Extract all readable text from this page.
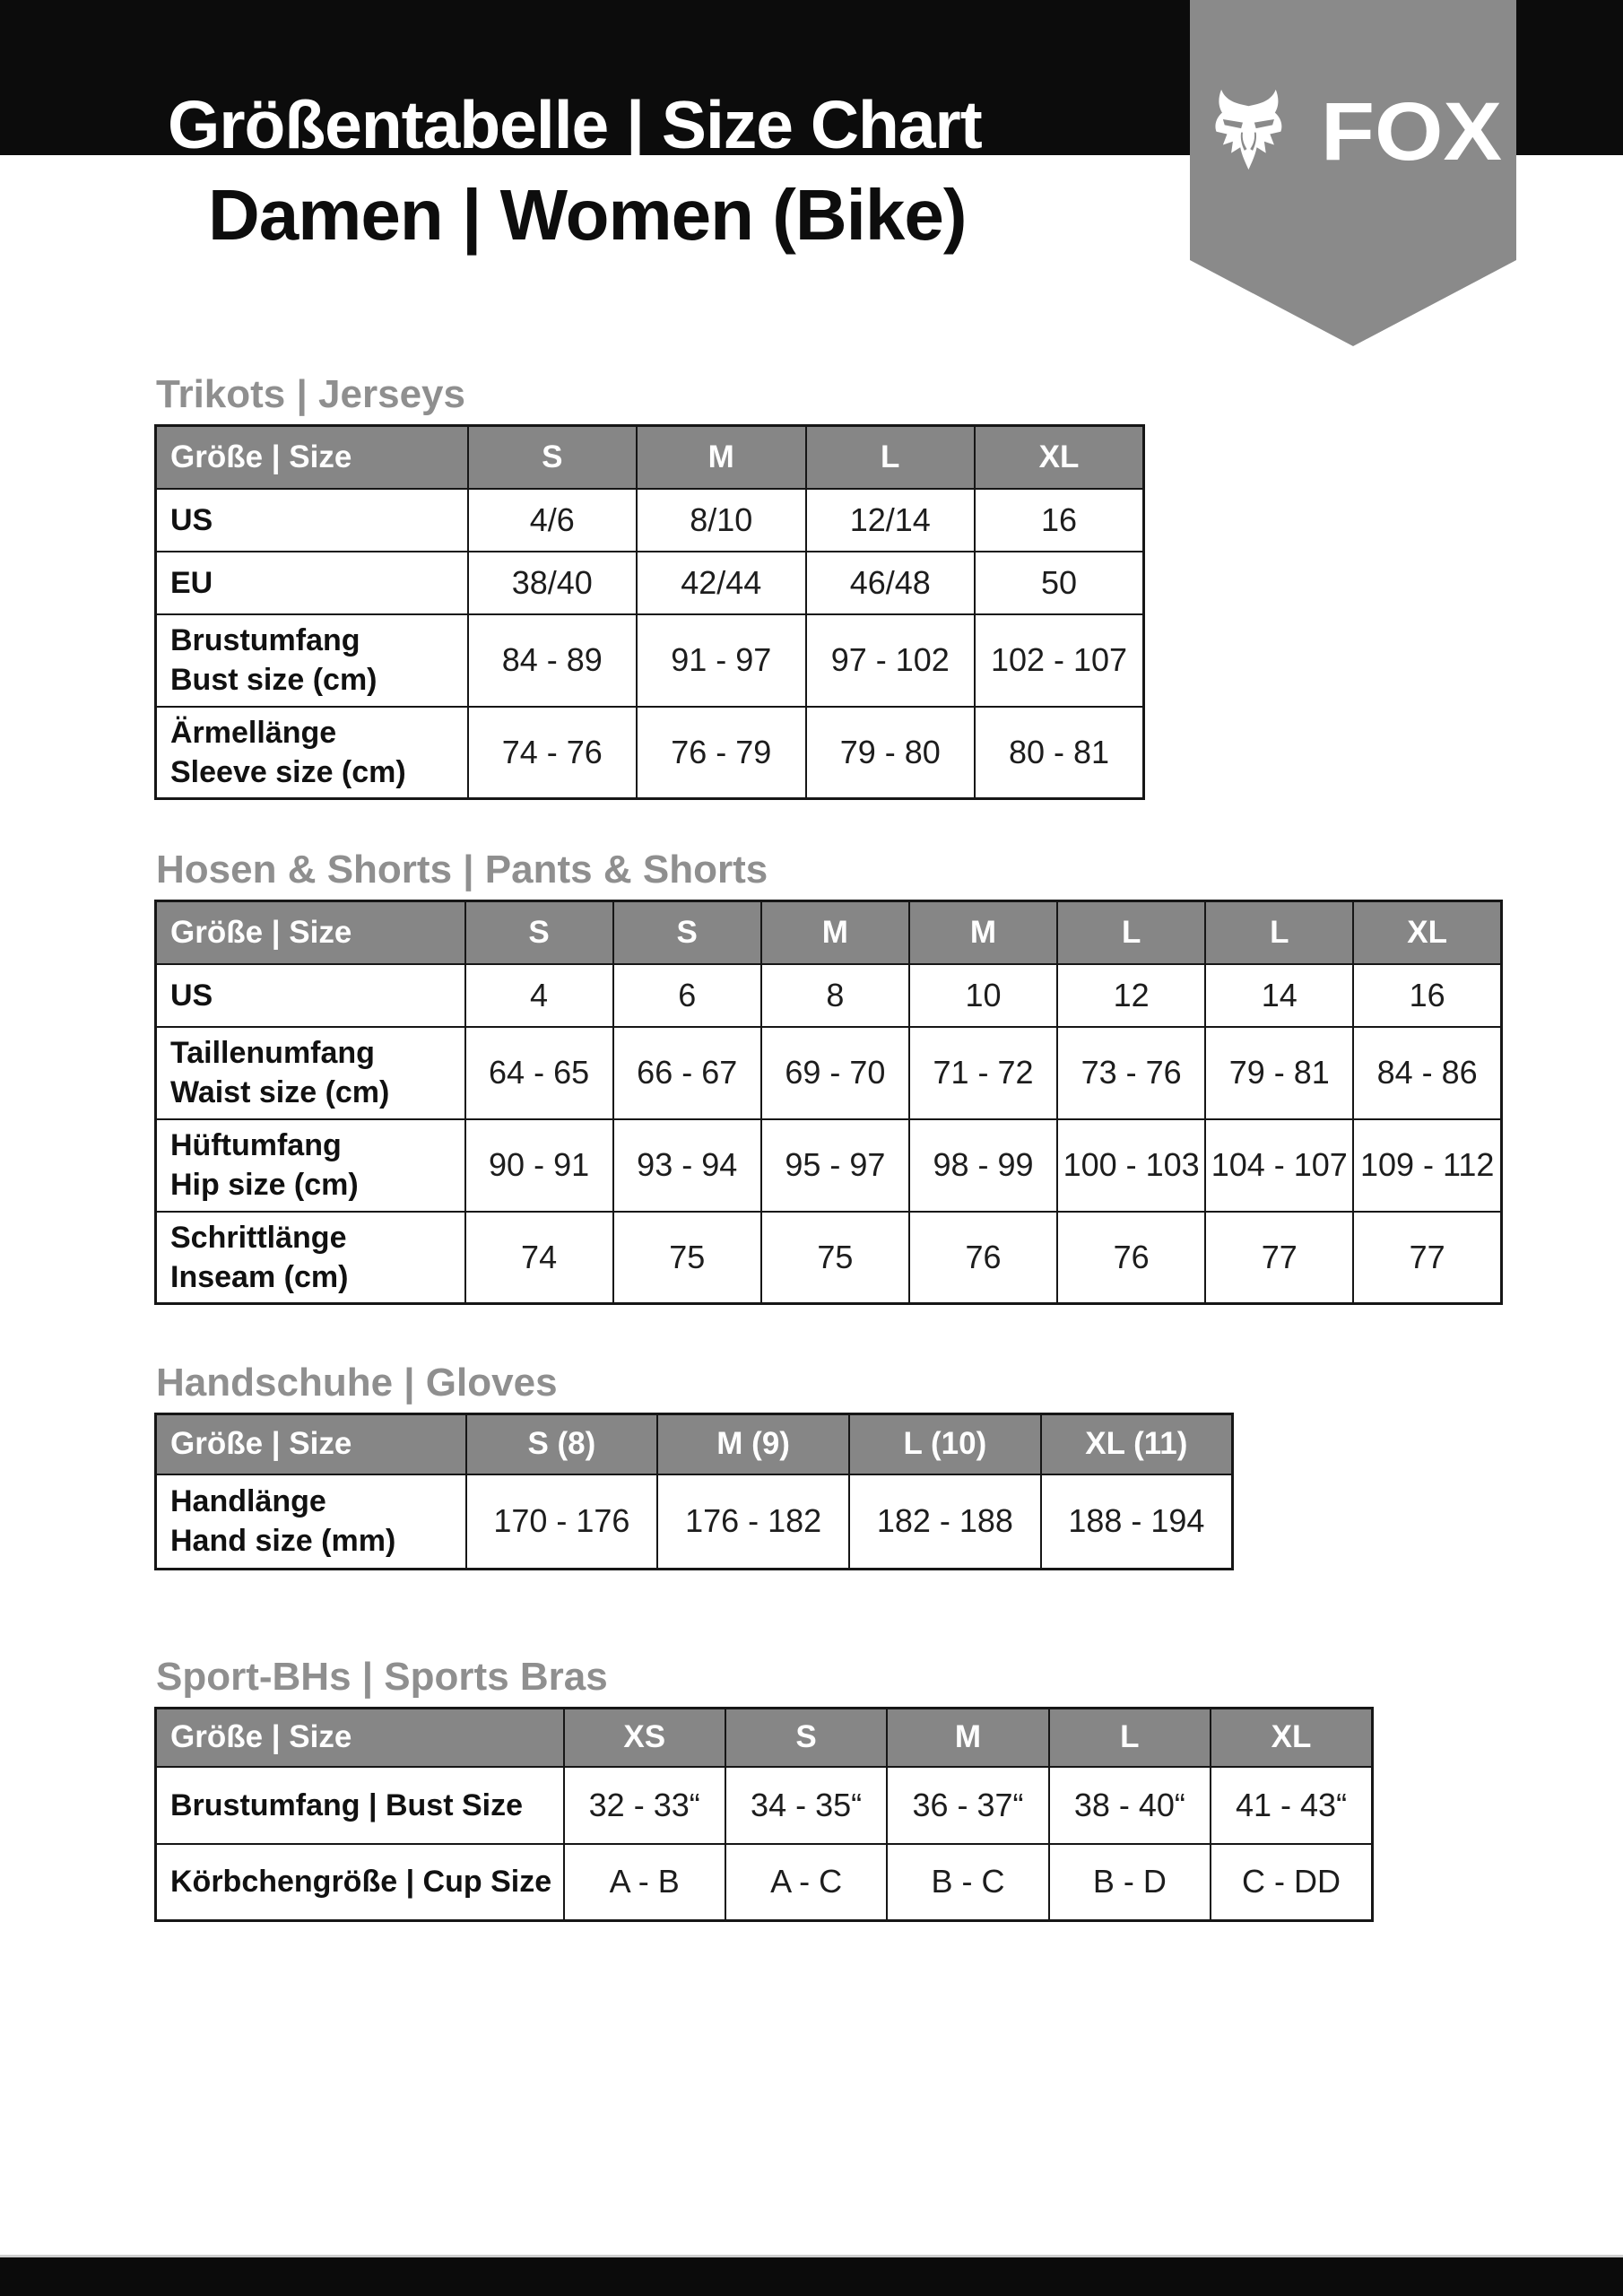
Größentabelle | Size Chart
Damen | Women (Bike)
FOX
Trikots | Jerseys
Größe | Size	S	M	L	XL
US	4/6	8/10	12/14	16
EU	38/40	42/44	46/48	50
Brustumfang
Bust size (cm)	84 - 89	91 - 97	97 - 102	102 - 107
Ärmellänge
Sleeve size (cm)	74 - 76	76 - 79	79 - 80	80 - 81
Hosen & Shorts | Pants & Shorts
Größe | Size	S	S	M	M	L	L	XL
US	4	6	8	10	12	14	16
Taillenumfang
Waist size (cm)	64 - 65	66 - 67	69 - 70	71 - 72	73 - 76	79 - 81	84 - 86
Hüftumfang
Hip size (cm)	90 - 91	93 - 94	95 - 97	98 - 99	100 - 103	104 - 107	109 - 112
Schrittlänge
Inseam (cm)	74	75	75	76	76	77	77
Handschuhe | Gloves
Größe | Size	S (8)	M (9)	L (10)	XL (11)
Handlänge
Hand size (mm)	170 - 176	176 - 182	182 - 188	188 - 194
Sport-BHs | Sports Bras
Größe | Size	XS	S	M	L	XL
Brustumfang | Bust Size	32 - 33“	34 - 35“	36 - 37“	38 - 40“	41 - 43“
Körbchengröße | Cup Size	A - B	A - C	B - C	B - D	C - DD
